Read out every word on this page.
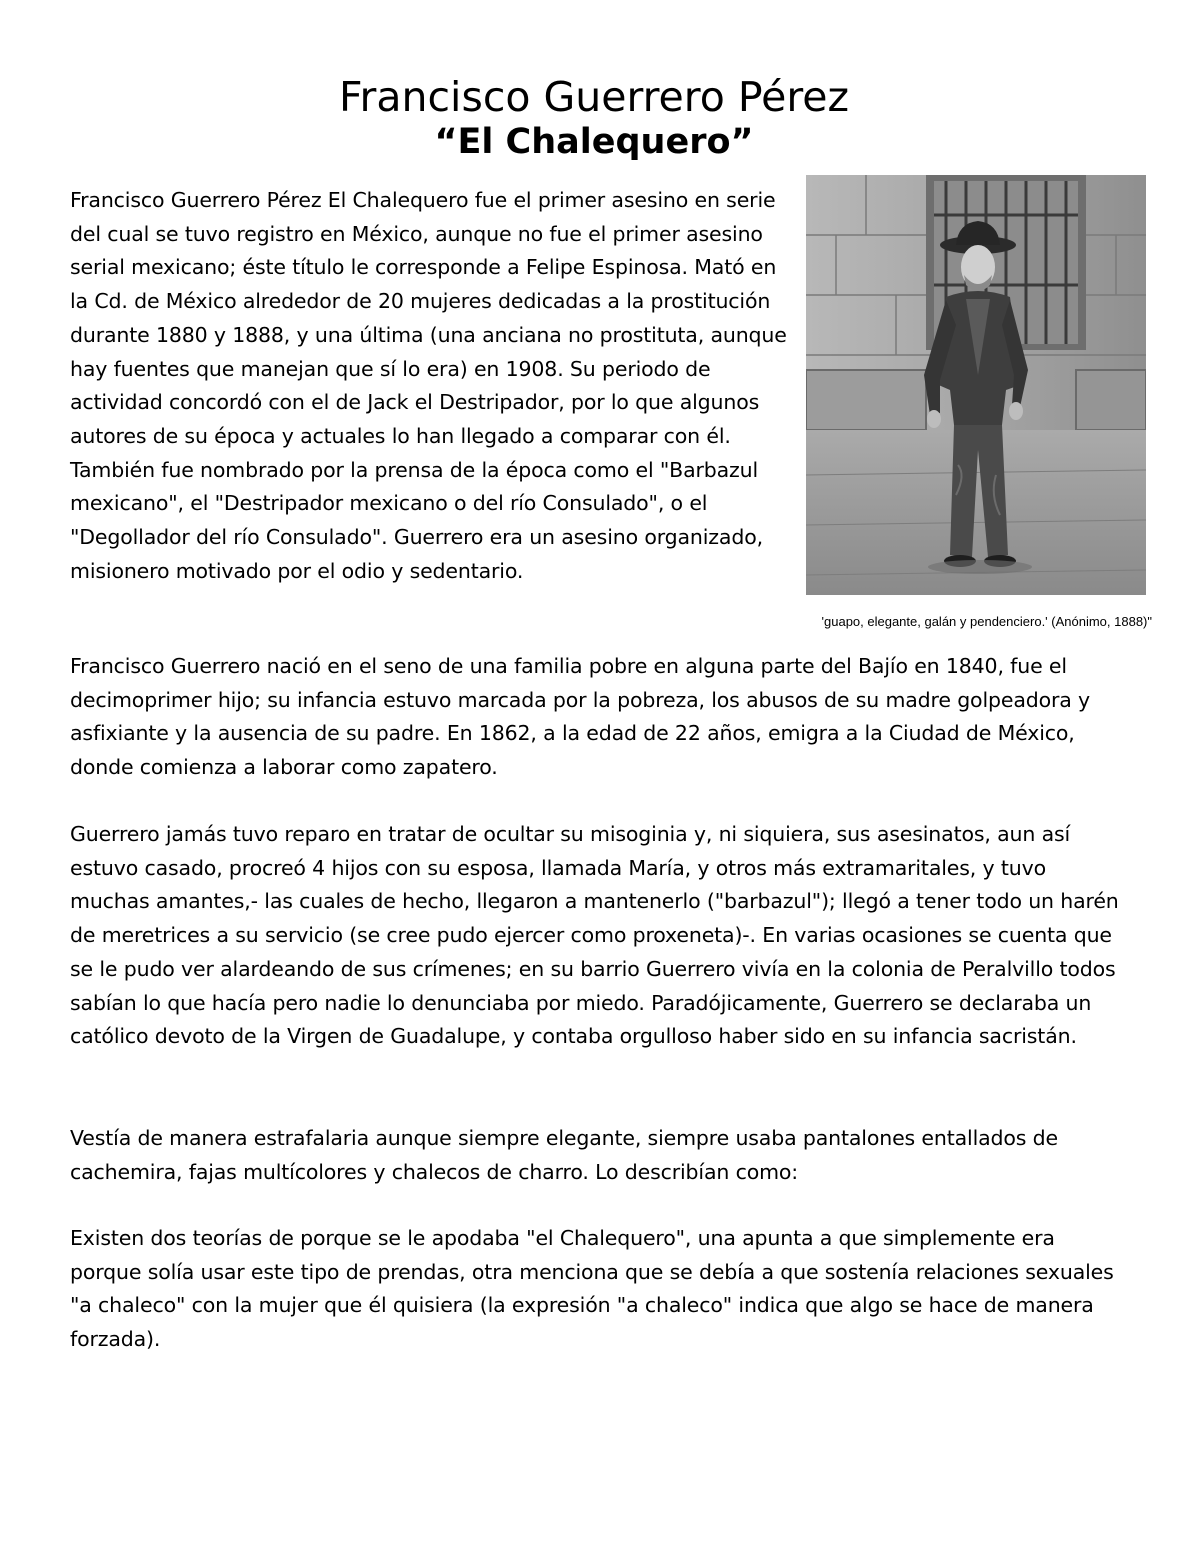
Francisco Guerrero Pérez
“El Chalequero”

Francisco Guerrero Pérez El Chalequero fue el primer asesino en serie del cual se tuvo registro en México, aunque no fue el primer asesino serial mexicano; éste título le corresponde a Felipe Espinosa. Mató en la Cd. de México alrededor de 20 mujeres dedicadas a la prostitución durante 1880 y 1888, y una última (una anciana no prostituta, aunque hay fuentes que manejan que sí lo era) en 1908. Su periodo de actividad concordó con el de Jack el Destripador, por lo que algunos autores de su época y actuales lo han llegado a comparar con él. También fue nombrado por la prensa de la época como el "Barbazul mexicano", el "Destripador mexicano o del río Consulado", o el "Degollador del río Consulado". Guerrero era un asesino organizado, misionero motivado por el odio y sedentario.

'guapo, elegante, galán y pendenciero.' (Anónimo, 1888)"

Francisco Guerrero nació en el seno de una familia pobre en alguna parte del Bajío en 1840, fue el decimoprimer hijo; su infancia estuvo marcada por la pobreza, los abusos de su madre golpeadora y asfixiante y la ausencia de su padre. En 1862, a la edad de 22 años, emigra a la Ciudad de México, donde comienza a laborar como zapatero.

Guerrero jamás tuvo reparo en tratar de ocultar su misoginia y, ni siquiera, sus asesinatos, aun así estuvo casado, procreó 4 hijos con su esposa, llamada María, y otros más extramaritales, y tuvo muchas amantes,- las cuales de hecho, llegaron a mantenerlo ("barbazul"); llegó a tener todo un harén de meretrices a su servicio (se cree pudo ejercer como proxeneta)-. En varias ocasiones se cuenta que se le pudo ver alardeando de sus crímenes; en su barrio Guerrero vivía en la colonia de Peralvillo todos sabían lo que hacía pero nadie lo denunciaba por miedo. Paradójicamente, Guerrero se declaraba un católico devoto de la Virgen de Guadalupe, y contaba orgulloso haber sido en su infancia sacristán.

Vestía de manera estrafalaria aunque siempre elegante, siempre usaba pantalones entallados de cachemira, fajas multícolores y chalecos de charro. Lo describían como:

Existen dos teorías de porque se le apodaba "el Chalequero", una apunta a que simplemente era porque solía usar este tipo de prendas, otra menciona que se debía a que sostenía relaciones sexuales "a chaleco" con la mujer que él quisiera (la expresión "a chaleco" indica que algo se hace de manera forzada).
